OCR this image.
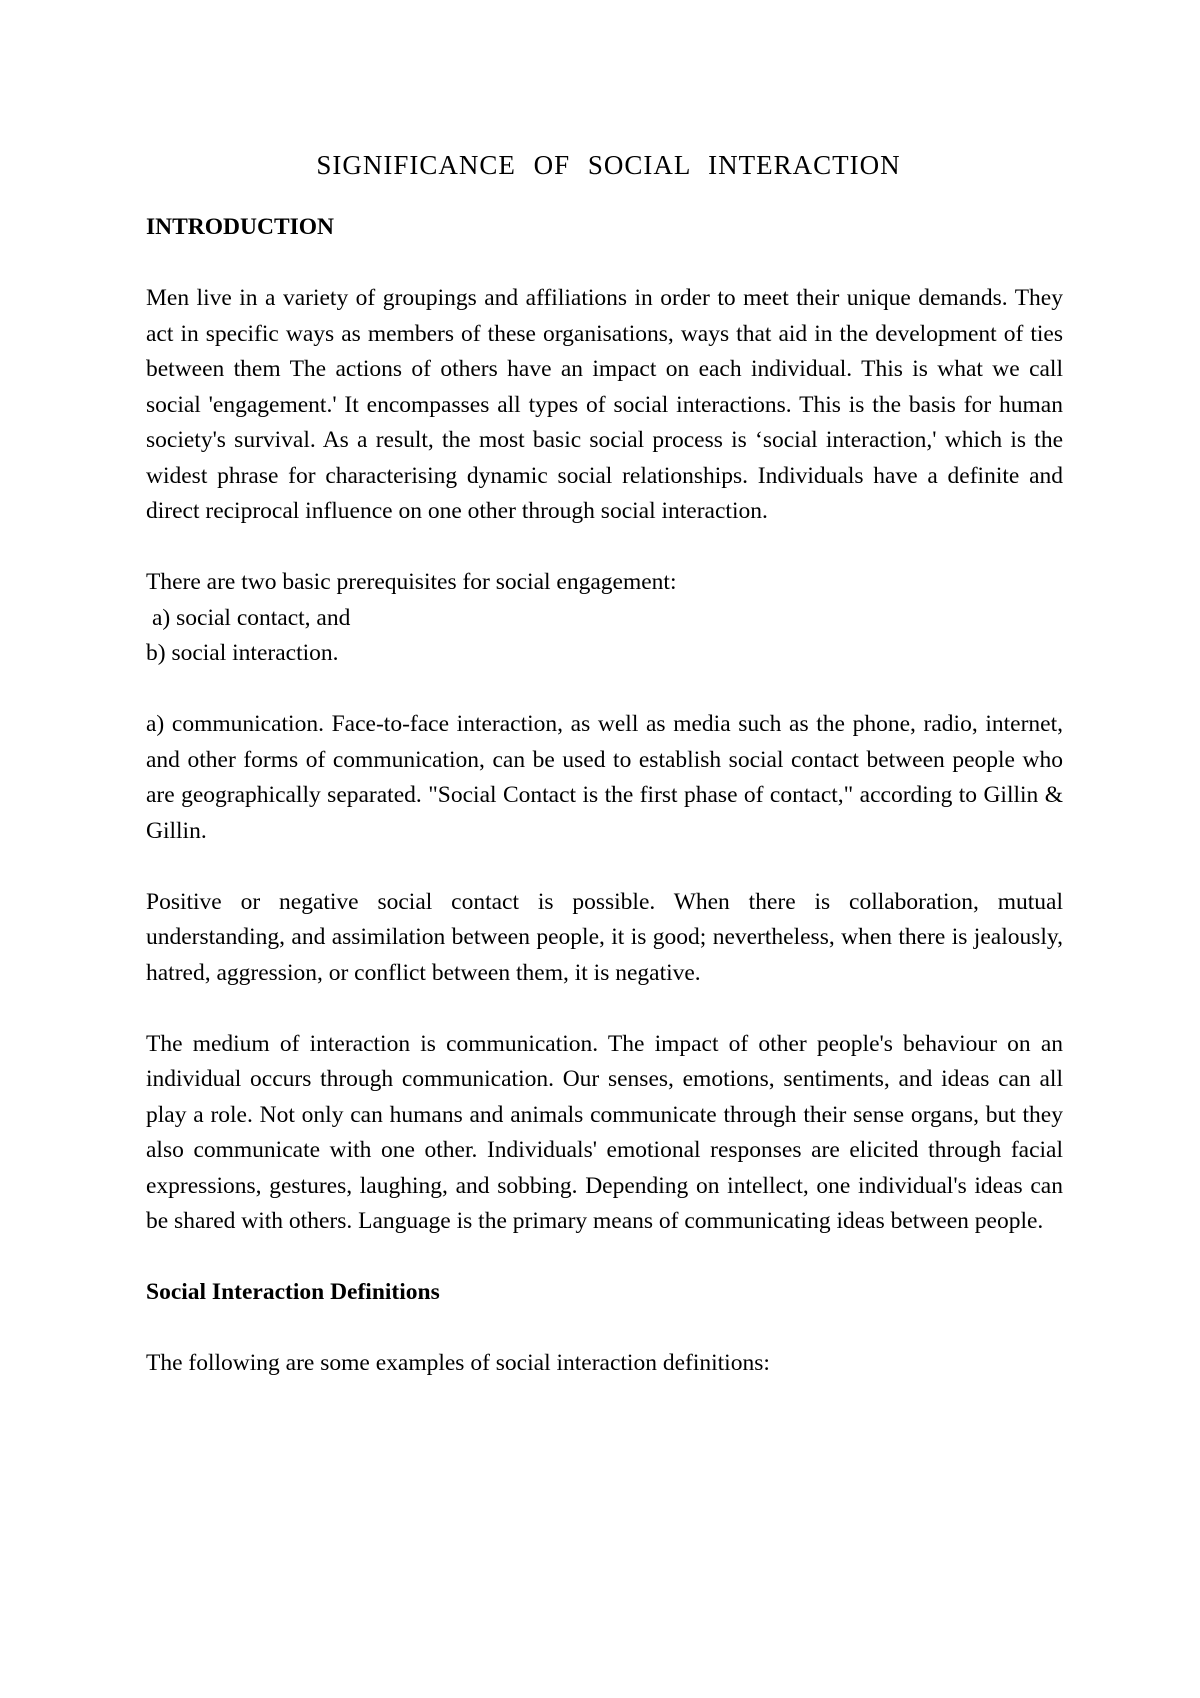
SIGNIFICANCE OF SOCIAL INTERACTION
INTRODUCTION

Men live in a variety of groupings and affiliations in order to meet their unique demands. They act in specific ways as members of these organisations, ways that aid in the development of ties between them The actions of others have an impact on each individual. This is what we call social 'engagement.' It encompasses all types of social interactions. This is the basis for human society's survival. As a result, the most basic social process is ‘social interaction,' which is the widest phrase for characterising dynamic social relationships. Individuals have a definite and direct reciprocal influence on one other through social interaction.

There are two basic prerequisites for social engagement:

a) social contact, and

b) social interaction.

a) communication. Face-to-face interaction, as well as media such as the phone, radio, internet, and other forms of communication, can be used to establish social contact between people who are geographically separated. "Social Contact is the first phase of contact," according to Gillin & Gillin.

Positive or negative social contact is possible. When there is collaboration, mutual understanding, and assimilation between people, it is good; nevertheless, when there is jealously, hatred, aggression, or conflict between them, it is negative.

The medium of interaction is communication. The impact of other people's behaviour on an individual occurs through communication. Our senses, emotions, sentiments, and ideas can all play a role. Not only can humans and animals communicate through their sense organs, but they also communicate with one other. Individuals' emotional responses are elicited through facial expressions, gestures, laughing, and sobbing. Depending on intellect, one individual's ideas can be shared with others. Language is the primary means of communicating ideas between people.

Social Interaction Definitions

The following are some examples of social interaction definitions:
